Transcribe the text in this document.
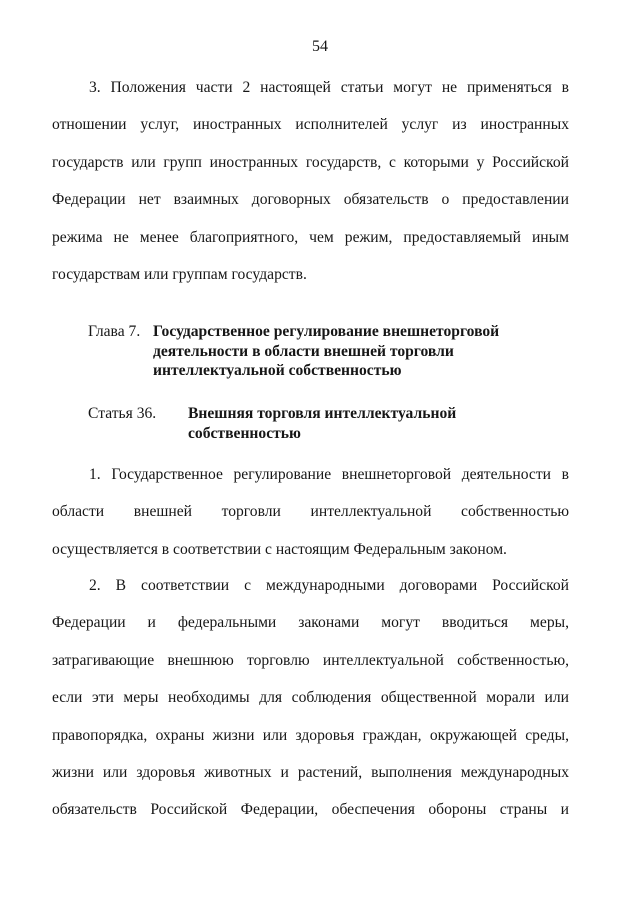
54
3. Положения части 2 настоящей статьи могут не применяться в
отношении услуг, иностранных исполнителей услуг из иностранных
государств или групп иностранных государств, с которыми у Российской
Федерации нет взаимных договорных обязательств о предоставлении
режима не менее благоприятного, чем режим, предоставляемый иным
государствам или группам государств.
Глава 7. Государственное регулирование внешнеторговой
деятельности в области внешней торговли
интеллектуальной собственностью
Статья 36. Внешняя торговля интеллектуальной
собственностью
1. Государственное регулирование внешнеторговой деятельности в
области внешней торговли интеллектуальной собственностью
осуществляется в соответствии с настоящим Федеральным законом.
2. В соответствии с международными договорами Российской
Федерации и федеральными законами могут вводиться меры,
затрагивающие внешнюю торговлю интеллектуальной собственностью,
если эти меры необходимы для соблюдения общественной морали или
правопорядка, охраны жизни или здоровья граждан, окружающей среды,
жизни или здоровья животных и растений, выполнения международных
обязательств Российской Федерации, обеспечения обороны страны и
